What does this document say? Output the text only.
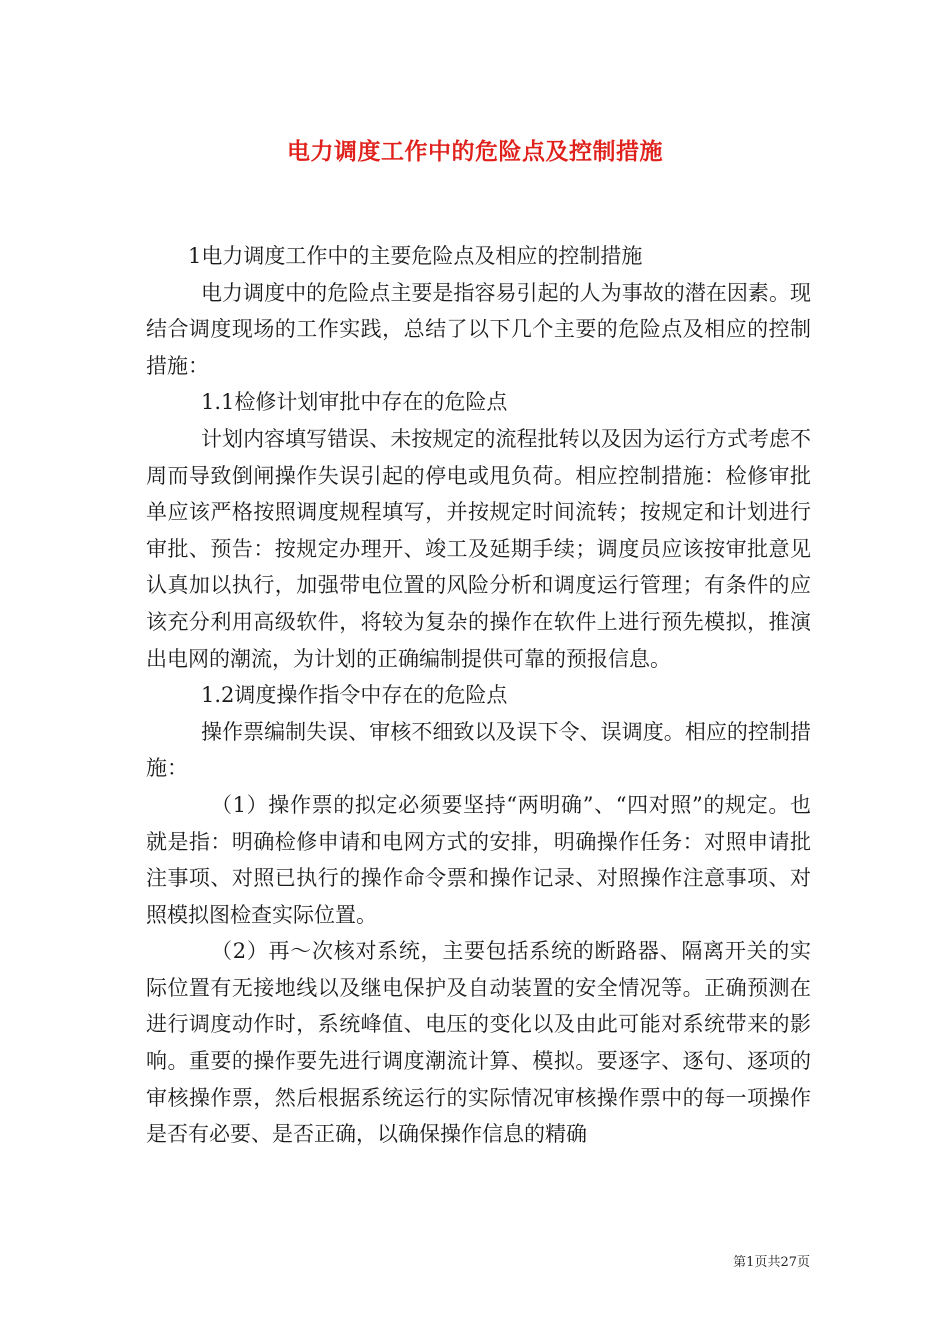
电力调度工作中的危险点及控制措施

1电力调度工作中的主要危险点及相应的控制措施

电力调度中的危险点主要是指容易引起的人为事故的潜在因素。现结合调度现场的工作实践，总结了以下几个主要的危险点及相应的控制措施：

1.1检修计划审批中存在的危险点

计划内容填写错误、未按规定的流程批转以及因为运行方式考虑不周而导致倒闸操作失误引起的停电或甩负荷。相应控制措施：检修审批单应该严格按照调度规程填写，并按规定时间流转；按规定和计划进行审批、预告：按规定办理开、竣工及延期手续；调度员应该按审批意见认真加以执行，加强带电位置的风险分析和调度运行管理；有条件的应该充分利用高级软件，将较为复杂的操作在软件上进行预先模拟，推演出电网的潮流，为计划的正确编制提供可靠的预报信息。

1.2调度操作指令中存在的危险点

操作票编制失误、审核不细致以及误下令、误调度。相应的控制措施：

（1）操作票的拟定必须要坚持“两明确”、“四对照”的规定。也就是指：明确检修申请和电网方式的安排，明确操作任务：对照申请批注事项、对照已执行的操作命令票和操作记录、对照操作注意事项、对照模拟图检查实际位置。

（2）再～次核对系统，主要包括系统的断路器、隔离开关的实际位置有无接地线以及继电保护及自动装置的安全情况等。正确预测在进行调度动作时，系统峰值、电压的变化以及由此可能对系统带来的影响。重要的操作要先进行调度潮流计算、模拟。要逐字、逐句、逐项的审核操作票，然后根据系统运行的实际情况审核操作票中的每一项操作是否有必要、是否正确，以确保操作信息的精确

第1页共27页
